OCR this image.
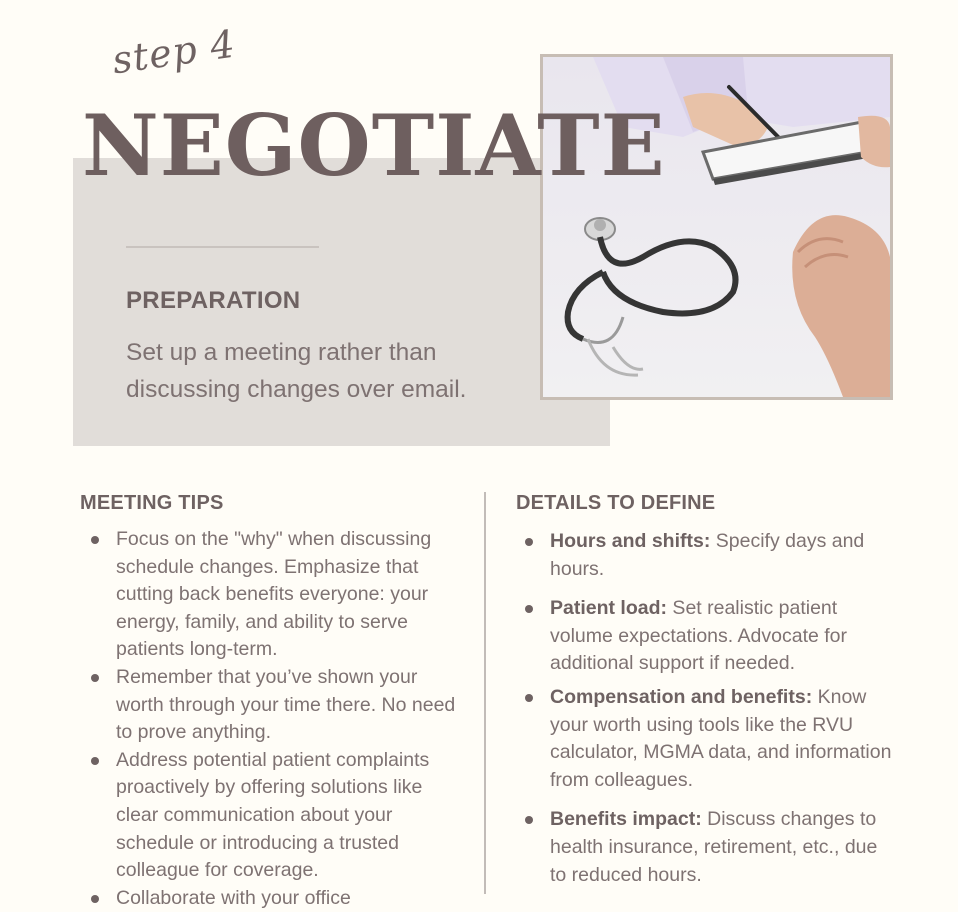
step 4
NEGOTIATE
PREPARATION
Set up a meeting rather than discussing changes over email.
MEETING TIPS	DETAILS TO DEFINE
Focus on the "why" when discussing schedule changes. Emphasize that cutting back benefits everyone: your energy, family, and ability to serve patients long-term.
Remember that you’ve shown your worth through your time there. No need to prove anything.
Address potential patient complaints proactively by offering solutions like clear communication about your schedule or introducing a trusted colleague for coverage.
Collaborate with your office
Hours and shifts: Specify days and hours.
Patient load: Set realistic patient volume expectations. Advocate for additional support if needed.
Compensation and benefits: Know your worth using tools like the RVU calculator, MGMA data, and information from colleagues.
Benefits impact: Discuss changes to health insurance, retirement, etc., due to reduced hours.
